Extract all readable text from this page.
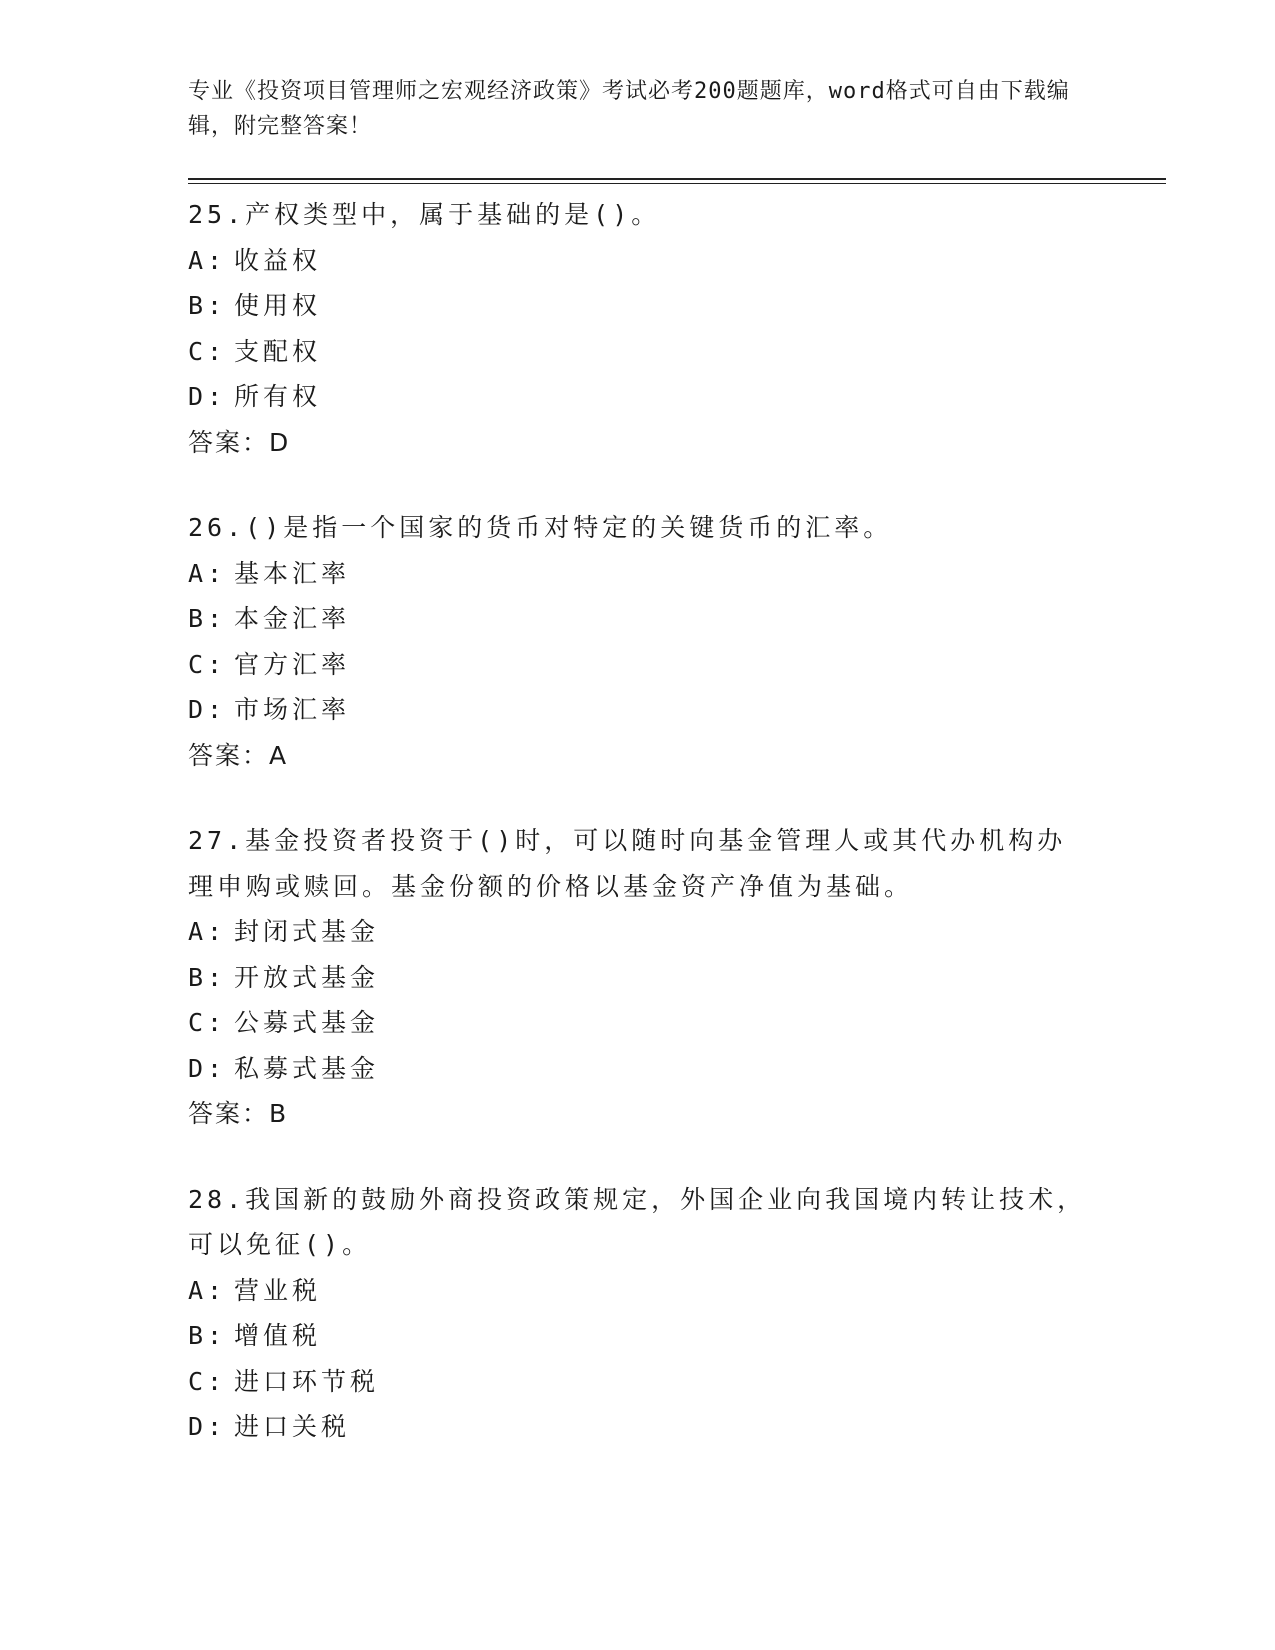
专业《投资项目管理师之宏观经济政策》考试必考200题题库，word格式可自由下载编辑，附完整答案！

25.产权类型中，属于基础的是()。

A: 收益权

B: 使用权

C: 支配权

D: 所有权

答案：D

26.()是指一个国家的货币对特定的关键货币的汇率。

A: 基本汇率

B: 本金汇率

C: 官方汇率

D: 市场汇率

答案：A

27.基金投资者投资于()时，可以随时向基金管理人或其代办机构办理申购或赎回。基金份额的价格以基金资产净值为基础。

A: 封闭式基金

B: 开放式基金

C: 公募式基金

D: 私募式基金

答案：B

28.我国新的鼓励外商投资政策规定，外国企业向我国境内转让技术，可以免征()。

A: 营业税

B: 增值税

C: 进口环节税

D: 进口关税
